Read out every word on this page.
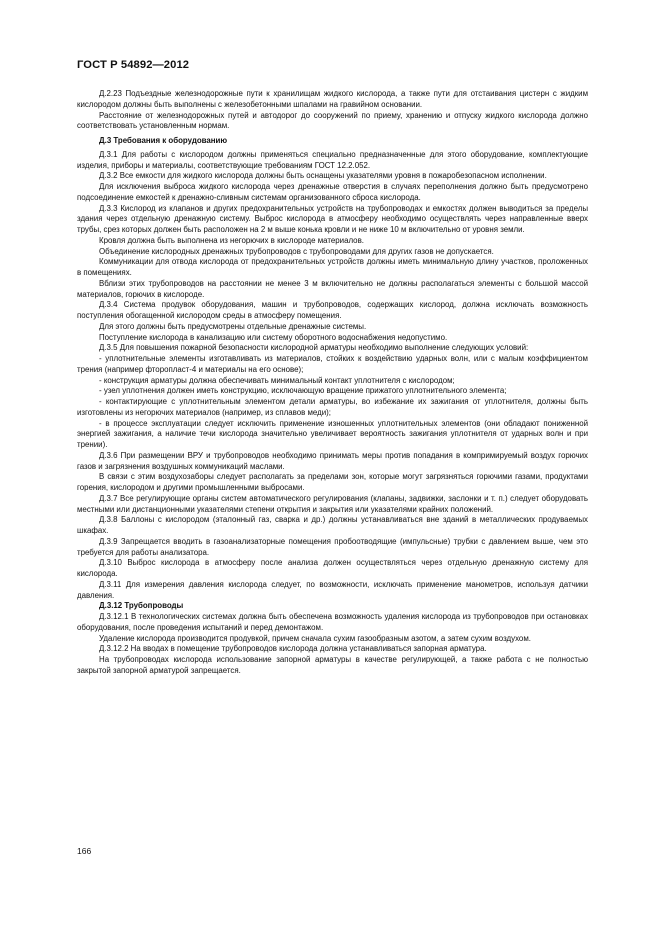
ГОСТ Р 54892—2012

Д.2.23 Подъездные железнодорожные пути к хранилищам жидкого кислорода, а также пути для отстаивания цистерн с жидким кислородом должны быть выполнены с железобетонными шпалами на гравийном основании.

Расстояние от железнодорожных путей и автодорог до сооружений по приему, хранению и отпуску жидкого кислорода должно соответствовать установленным нормам.

Д.3 Требования к оборудованию

Д.3.1 Для работы с кислородом должны применяться специально предназначенные для этого оборудование, комплектующие изделия, приборы и материалы, соответствующие требованиям ГОСТ 12.2.052.

Д.3.2 Все емкости для жидкого кислорода должны быть оснащены указателями уровня в пожаробезопасном исполнении.

Для исключения выброса жидкого кислорода через дренажные отверстия в случаях переполнения должно быть предусмотрено подсоединение емкостей к дренажно-сливным системам организованного сброса кислорода.

Д.3.3 Кислород из клапанов и других предохранительных устройств на трубопроводах и емкостях должен выводиться за пределы здания через отдельную дренажную систему. Выброс кислорода в атмосферу необходимо осуществлять через направленные вверх трубы, срез которых должен быть расположен на 2 м выше конька кровли и не ниже 10 м включительно от уровня земли.

Кровля должна быть выполнена из негорючих в кислороде материалов.

Объединение кислородных дренажных трубопроводов с трубопроводами для других газов не допускается.

Коммуникации для отвода кислорода от предохранительных устройств должны иметь минимальную длину участков, проложенных в помещениях.

Вблизи этих трубопроводов на расстоянии не менее 3 м включительно не должны располагаться элементы с большой массой материалов, горючих в кислороде.

Д.3.4 Система продувок оборудования, машин и трубопроводов, содержащих кислород, должна исключать возможность поступления обогащенной кислородом среды в атмосферу помещения.

Для этого должны быть предусмотрены отдельные дренажные системы.

Поступление кислорода в канализацию или систему оборотного водоснабжения недопустимо.

Д.3.5 Для повышения пожарной безопасности кислородной арматуры необходимо выполнение следующих условий:

- уплотнительные элементы изготавливать из материалов, стойких к воздействию ударных волн, или с малым коэффициентом трения (например фторопласт-4 и материалы на его основе);

- конструкция арматуры должна обеспечивать минимальный контакт уплотнителя с кислородом;

- узел уплотнения должен иметь конструкцию, исключающую вращение прижатого уплотнительного элемента;

- контактирующие с уплотнительным элементом детали арматуры, во избежание их зажигания от уплотнителя, должны быть изготовлены из негорючих материалов (например, из сплавов меди);

- в процессе эксплуатации следует исключить применение изношенных уплотнительных элементов (они обладают пониженной энергией зажигания, а наличие течи кислорода значительно увеличивает вероятность зажигания уплотнителя от ударных волн и при трении).

Д.3.6 При размещении ВРУ и трубопроводов необходимо принимать меры против попадания в компримируемый воздух горючих газов и загрязнения воздушных коммуникаций маслами.

В связи с этим воздухозаборы следует располагать за пределами зон, которые могут загрязняться горючими газами, продуктами горения, кислородом и другими промышленными выбросами.

Д.3.7 Все регулирующие органы систем автоматического регулирования (клапаны, задвижки, заслонки и т. п.) следует оборудовать местными или дистанционными указателями степени открытия и закрытия или указателями крайних положений.

Д.3.8 Баллоны с кислородом (эталонный газ, сварка и др.) должны устанавливаться вне зданий в металлических продуваемых шкафах.

Д.3.9 Запрещается вводить в газоанализаторные помещения пробоотводящие (импульсные) трубки с давлением выше, чем это требуется для работы анализатора.

Д.3.10 Выброс кислорода в атмосферу после анализа должен осуществляться через отдельную дренажную систему для кислорода.

Д.3.11 Для измерения давления кислорода следует, по возможности, исключать применение манометров, используя датчики давления.

Д.3.12 Трубопроводы

Д.3.12.1 В технологических системах должна быть обеспечена возможность удаления кислорода из трубопроводов при остановках оборудования, после проведения испытаний и перед демонтажом.

Удаление кислорода производится продувкой, причем сначала сухим газообразным азотом, а затем сухим воздухом.

Д.3.12.2 На вводах в помещение трубопроводов кислорода должна устанавливаться запорная арматура.

На трубопроводах кислорода использование запорной арматуры в качестве регулирующей, а также работа с не полностью закрытой запорной арматурой запрещается.

166
